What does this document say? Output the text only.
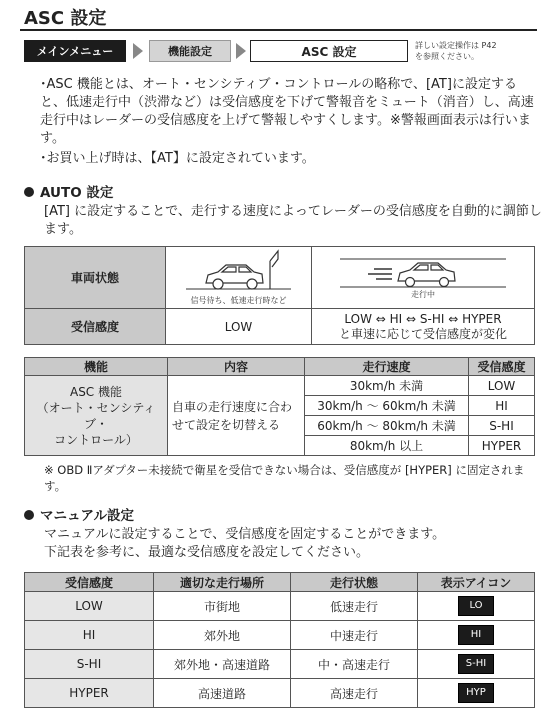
ASC 設定
メインメニュー	機能設定	ASC 設定	詳しい設定操作は P42
を参照ください。

･ASC 機能とは、オート・センシティブ・コントロールの略称で、[AT]に設定すると、低速走行中（渋滞など）は受信感度を下げて警報音をミュート（消音）し、高速走行中はレーダーの受信感度を上げて警報しやすくします。※警報画面表示は行います。

･お買い上げ時は、【AT】に設定されています。

AUTO 設定
[AT] に設定することで、走行する速度によってレーダーの受信感度を自動的に調節します。
車両状態	信号待ち、低速走行時など	走行中

受信感度	LOW	LOW ⇔ HI ⇔ S-HI ⇔ HYPER
と車速に応じて受信感度が変化
機能	内容	走行速度	受信感度

ASC 機能
（オート・センシティブ・
コントロール）	自車の走行速度に合わせて設定を切替える	30km/h 未満	LOW
		30km/h ～ 60km/h 未満	HI
		60km/h ～ 80km/h 未満	S-HI
		80km/h 以上	HYPER
※ OBD Ⅱアダプター未接続で衛星を受信できない場合は、受信感度が [HYPER] に固定されます。
マニュアル設定
マニュアルに設定することで、受信感度を固定することができます。
下記表を参考に、最適な受信感度を設定してください。
受信感度	適切な走行場所	走行状態	表示アイコン
LOW	市街地	低速走行	LO
HI	郊外地	中速走行	HI
S-HI	郊外地・高速道路	中・高速走行	S-HI
HYPER	高速道路	高速走行	HYP
